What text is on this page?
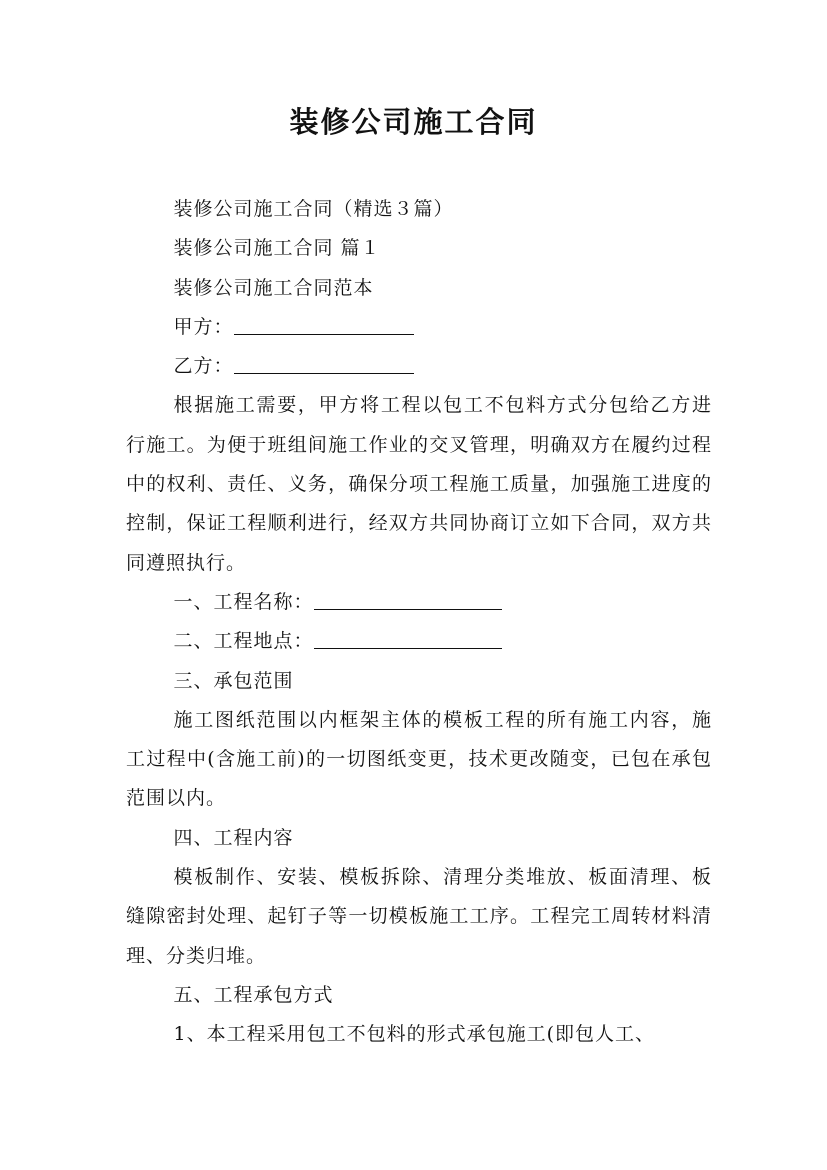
装修公司施工合同

装修公司施工合同（精选３篇）

装修公司施工合同 篇１

装修公司施工合同范本

甲方：

乙方：

根据施工需要，甲方将工程以包工不包料方式分包给乙方进行施工。为便于班组间施工作业的交叉管理，明确双方在履约过程中的权利、责任、义务，确保分项工程施工质量，加强施工进度的控制，保证工程顺利进行，经双方共同协商订立如下合同，双方共同遵照执行。

一、工程名称：

二、工程地点：

三、承包范围

施工图纸范围以内框架主体的模板工程的所有施工内容，施工过程中(含施工前)的一切图纸变更，技术更改随变，已包在承包范围以内。

四、工程内容

模板制作、安装、模板拆除、清理分类堆放、板面清理、板缝隙密封处理、起钉子等一切模板施工工序。工程完工周转材料清理、分类归堆。

五、工程承包方式

1、本工程采用包工不包料的形式承包施工(即包人工、
